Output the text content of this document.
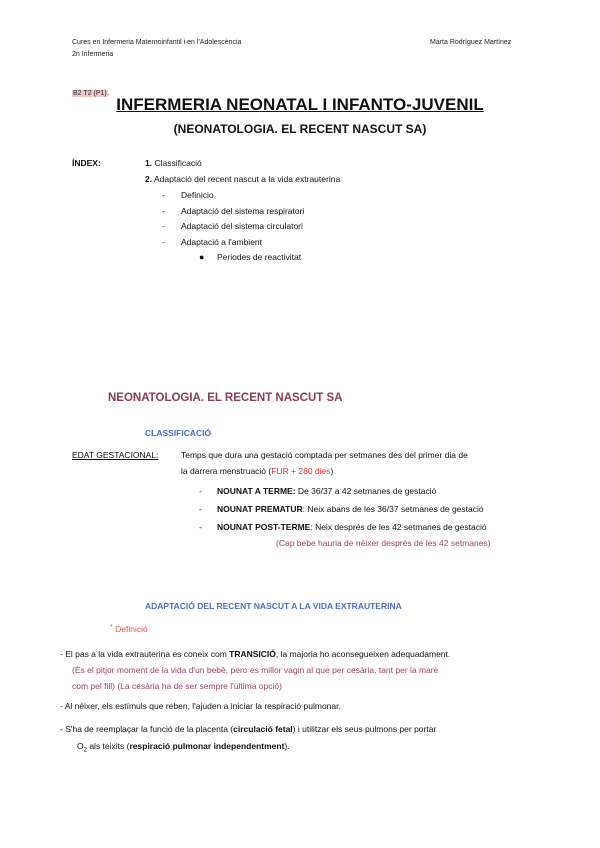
Cures en Infermeria Maternoinfantil i en l'Adolescència
2n Infermeria
Marta Rodríguez Martínez
B2 T2 (P1).
INFERMERIA NEONATAL I INFANTO-JUVENIL
(NEONATOLOGIA. EL RECENT NASCUT SA)
ÍNDEX:	1. Classificació
2. Adaptació del recent nascut a la vida extrauterina
- Definicio
- Adaptació del sistema respiratori
- Adaptació del sistema circulatori
- Adaptació a l'ambient
● Periodes de reactivitat
NEONATOLOGIA. EL RECENT NASCUT SA
CLASSIFICACIÓ
EDAT GESTACIONAL:	Temps que dura una gestació comptada per setmanes des del primer dia de
la darrera menstruació (FUR + 280 dies)
- NOUNAT A TERME: De 36/37 a 42 setmanes de gestació
- NOUNAT PREMATUR: Neix abans de les 36/37 setmanes de gestació
- NOUNAT POST-TERME: Neix després de les 42 setmanes de gestació
(Cap bebe hauria de néixer després de les 42 setmanes)
ADAPTACIÓ DEL RECENT NASCUT A LA VIDA EXTRAUTERINA
* Definició
- El pas a la vida extrauterina es coneix com TRANSICIÓ, la majoria ho aconsegueixen adequadament.
(És el pitjor moment de la vida d'un bebè, pero es millor vagin al que per cesària, tant per la mare
com pel fill) (La cesària ha de ser sempre l'última opció)
- Al néixer, els estímuls que reben, l'ajuden a iniciar la respiració pulmonar.
- S'ha de reemplaçar la funció de la placenta (circulació fetal) i utilitzar els seus pulmons per portar
$O_2$ als teixits (respiració pulmonar independentment).
